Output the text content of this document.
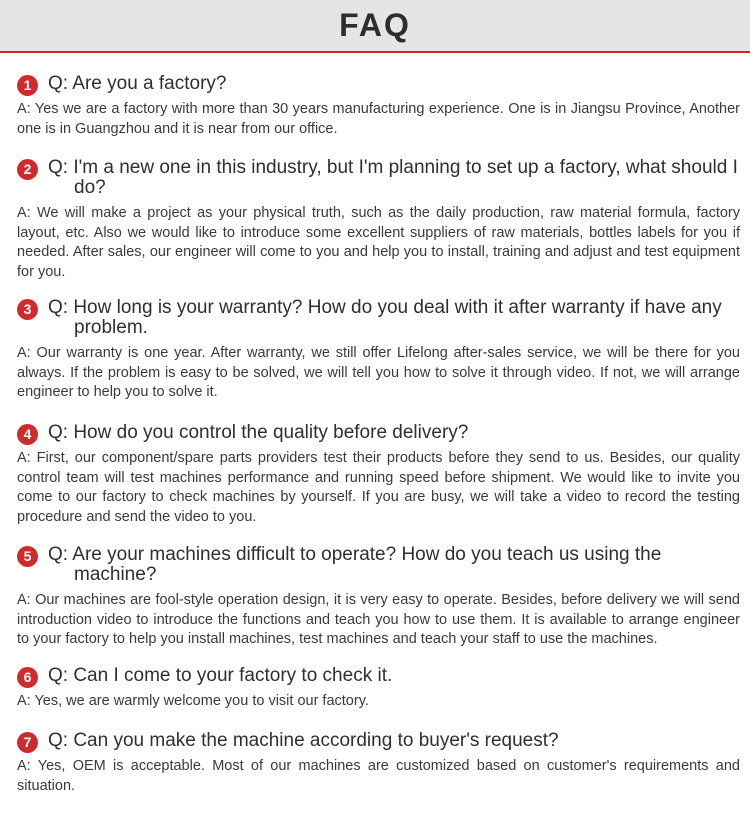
FAQ
1 Q: Are you a factory?
A: Yes we are a factory with more than 30 years manufacturing experience. One is in Jiangsu Province, Another one is in Guangzhou and it is near from our office.
2 Q: I'm a new one in this industry, but I'm planning to set up a factory, what should I do?
A: We will make a project as your physical truth, such as the daily production, raw material formula, factory layout, etc. Also we would like to introduce some excellent suppliers of raw materials, bottles labels for you if needed. After sales, our engineer will come to you and help you to install, training and adjust and test equipment for you.
3 Q: How long is your warranty? How do you deal with it after warranty if have any problem.
A: Our warranty is one year. After warranty, we still offer Lifelong after-sales service, we will be there for you always. If the problem is easy to be solved, we will tell you how to solve it through video. If not, we will arrange engineer to help you to solve it.
4 Q: How do you control the quality before delivery?
A: First, our component/spare parts providers test their products before they send to us. Besides, our quality control team will test machines performance and running speed before shipment. We would like to invite you come to our factory to check machines by yourself. If you are busy, we will take a video to record the testing procedure and send the video to you.
5 Q: Are your machines difficult to operate? How do you teach us using the machine?
A: Our machines are fool-style operation design, it is very easy to operate. Besides, before delivery we will send introduction video to introduce the functions and teach you how to use them. It is available to arrange engineer to your factory to help you install machines, test machines and teach your staff to use the machines.
6 Q: Can I come to your factory to check it.
A: Yes, we are warmly welcome you to visit our factory.
7 Q: Can you make the machine according to buyer's request?
A: Yes, OEM is acceptable. Most of our machines are customized based on customer's requirements and situation.
